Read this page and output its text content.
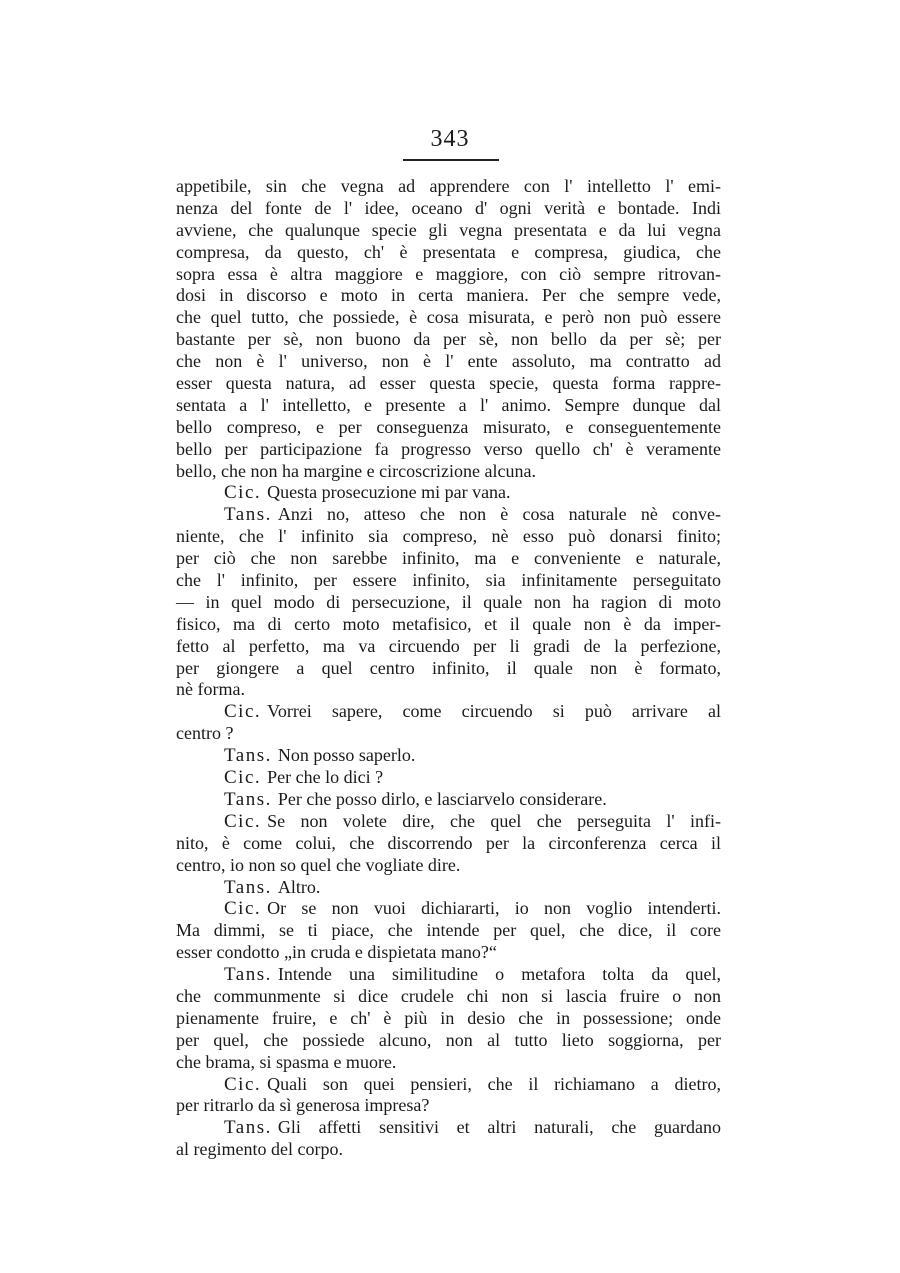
343
appetibile, sin che vegna ad apprendere con l' intelletto l' emi-
nenza del fonte de l' idee, oceano d' ogni verità e bontade. Indi
avviene, che qualunque specie gli vegna presentata e da lui vegna
compresa, da questo, ch' è presentata e compresa, giudica, che
sopra essa è altra maggiore e maggiore, con ciò sempre ritrovan-
dosi in discorso e moto in certa maniera. Per che sempre vede,
che quel tutto, che possiede, è cosa misurata, e però non può essere
bastante per sè, non buono da per sè, non bello da per sè; per
che non è l' universo, non è l' ente assoluto, ma contratto ad
esser questa natura, ad esser questa specie, questa forma rappre-
sentata a l' intelletto, e presente a l' animo. Sempre dunque dal
bello compreso, e per conseguenza misurato, e conseguentemente
bello per participazione fa progresso verso quello ch' è veramente
bello, che non ha margine e circoscrizione alcuna.
Cic. Questa prosecuzione mi par vana.
Tans. Anzi no, atteso che non è cosa naturale nè conve-
niente, che l' infinito sia compreso, nè esso può donarsi finito;
per ciò che non sarebbe infinito, ma e conveniente e naturale,
che l' infinito, per essere infinito, sia infinitamente perseguitato
— in quel modo di persecuzione, il quale non ha ragion di moto
fisico, ma di certo moto metafisico, et il quale non è da imper-
fetto al perfetto, ma va circuendo per li gradi de la perfezione,
per giongere a quel centro infinito, il quale non è formato,
nè forma.
Cic. Vorrei sapere, come circuendo si può arrivare al
centro ?
Tans. Non posso saperlo.
Cic. Per che lo dici ?
Tans. Per che posso dirlo, e lasciarvelo considerare.
Cic. Se non volete dire, che quel che perseguita l' infi-
nito, è come colui, che discorrendo per la circonferenza cerca il
centro, io non so quel che vogliate dire.
Tans. Altro.
Cic. Or se non vuoi dichiararti, io non voglio intenderti.
Ma dimmi, se ti piace, che intende per quel, che dice, il core
esser condotto „in cruda e dispietata mano?“
Tans. Intende una similitudine o metafora tolta da quel,
che communmente si dice crudele chi non si lascia fruire o non
pienamente fruire, e ch' è più in desio che in possessione; onde
per quel, che possiede alcuno, non al tutto lieto soggiorna, per
che brama, si spasma e muore.
Cic. Quali son quei pensieri, che il richiamano a dietro,
per ritrarlo da sì generosa impresa?
Tans. Gli affetti sensitivi et altri naturali, che guardano
al regimento del corpo.
